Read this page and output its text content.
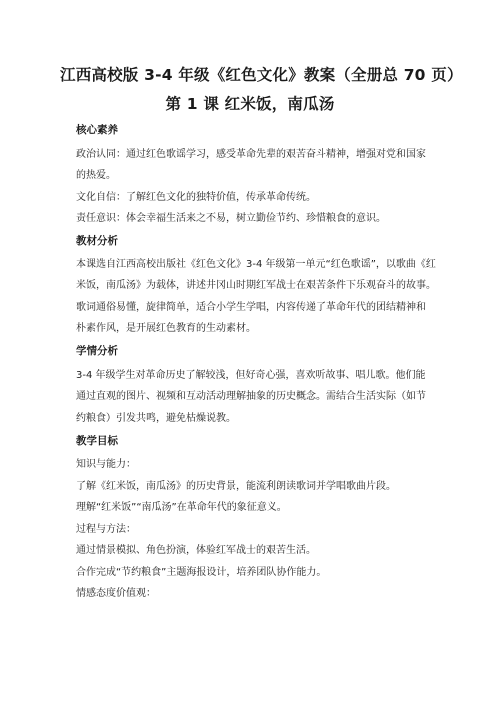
江西高校版 3-4 年级《红色文化》教案（全册总 70 页）
第 1 课 红米饭，南瓜汤
核心素养
政治认同：通过红色歌谣学习，感受革命先辈的艰苦奋斗精神，增强对党和国家
的热爱。
文化自信：了解红色文化的独特价值，传承革命传统。
责任意识：体会幸福生活来之不易，树立勤俭节约、珍惜粮食的意识。
教材分析
本课选自江西高校出版社《红色文化》3-4 年级第一单元“红色歌谣”，以歌曲《红
米饭，南瓜汤》为载体，讲述井冈山时期红军战士在艰苦条件下乐观奋斗的故事。
歌词通俗易懂，旋律简单，适合小学生学唱，内容传递了革命年代的团结精神和
朴素作风，是开展红色教育的生动素材。
学情分析
3-4 年级学生对革命历史了解较浅，但好奇心强，喜欢听故事、唱儿歌。他们能
通过直观的图片、视频和互动活动理解抽象的历史概念。需结合生活实际（如节
约粮食）引发共鸣，避免枯燥说教。
教学目标
知识与能力：
了解《红米饭，南瓜汤》的历史背景，能流利朗读歌词并学唱歌曲片段。
理解“红米饭”“南瓜汤”在革命年代的象征意义。
过程与方法：
通过情景模拟、角色扮演，体验红军战士的艰苦生活。
合作完成“节约粮食”主题海报设计，培养团队协作能力。
情感态度价值观：
